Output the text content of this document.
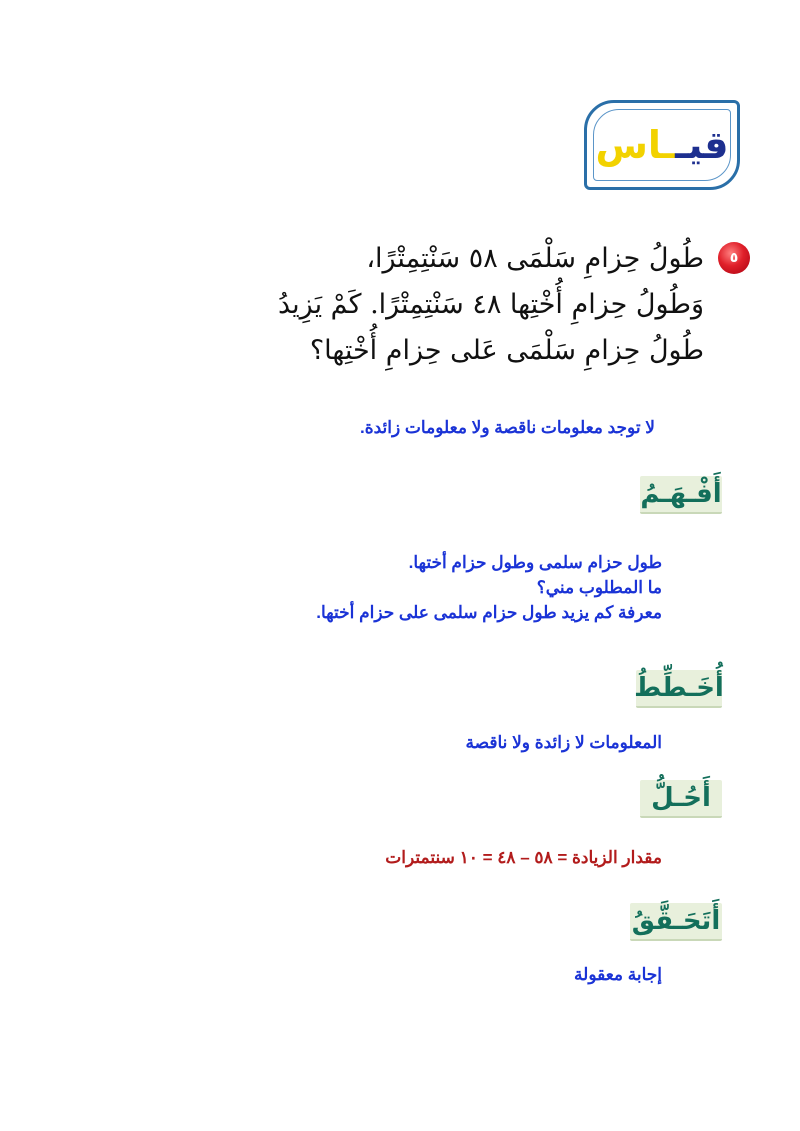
قيــاس
٥
طُولُ حِزامِ سَلْمَى ٥٨ سَنْتِمِتْرًا،
وَطُولُ حِزامِ أُخْتِها ٤٨ سَنْتِمِتْرًا. كَمْ يَزِيدُ
طُولُ حِزامِ سَلْمَى عَلى حِزامِ أُخْتِها؟
لا توجد معلومات ناقصة ولا معلومات زائدة.
أَفْـهَـمُ
طول حزام سلمى وطول حزام أختها.
ما المطلوب مني؟
معرفة كم يزيد طول حزام سلمى على حزام أختها.
أُخَـطِّطُ
المعلومات لا زائدة ولا ناقصة
أَحُـلُّ
مقدار الزيادة = ٥٨ – ٤٨ = ١٠ سنتمترات
أَتَحَـقَّقُ
إجابة معقولة
